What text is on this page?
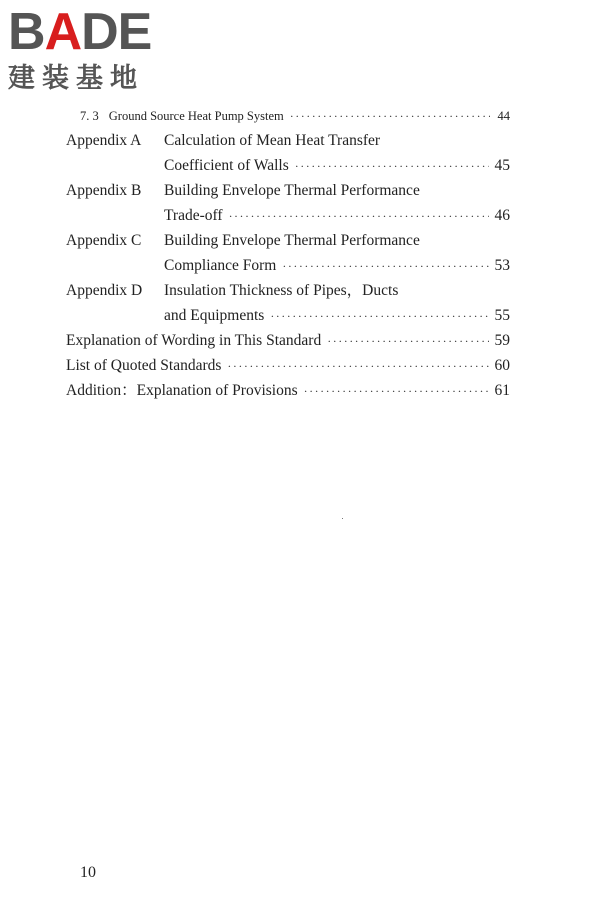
BADE
建装基地
7. 3 Ground Source Heat Pump System ·····	44
Appendix A	Calculation of Mean Heat Transfer
Coefficient of Walls ·····	45
Appendix B	Building Envelope Thermal Performance
Trade-off ·····	46
Appendix C	Building Envelope Thermal Performance
Compliance Form ·····	53
Appendix D	Insulation Thickness of Pipes，Ducts
and Equipments ·····	55
Explanation of Wording in This Standard ·····	59
List of Quoted Standards ·····	60
Addition：Explanation of Provisions ·····	61
10
